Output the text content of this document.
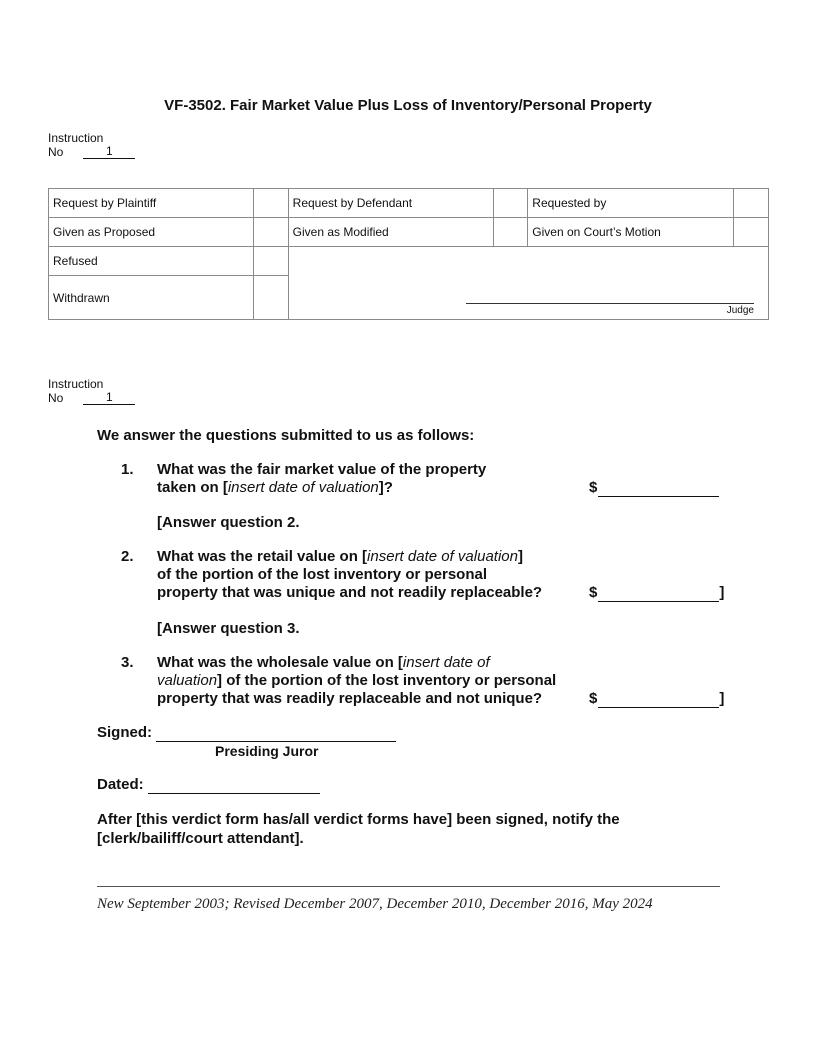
VF-3502. Fair Market Value Plus Loss of Inventory/Personal Property
Instruction
No	1
Request by Plaintiff		Request by Defendant		Requested by	
Given as Proposed		Given as Modified		Given on Court’s Motion	
Refused		Judge			

Withdrawn					
Instruction
No	1
We answer the questions submitted to us as follows:
1. What was the fair market value of the property
taken on [insert date of valuation]?	$
[Answer question 2.
2. What was the retail value on [insert date of valuation]
of the portion of the lost inventory or personal
property that was unique and not readily replaceable?	$	]
[Answer question 3.
3. What was the wholesale value on [insert date of
valuation] of the portion of the lost inventory or personal
property that was readily replaceable and not unique?	$	]
Signed:
Presiding Juror
Dated:
After [this verdict form has/all verdict forms have] been signed, notify the [clerk/bailiff/court attendant].
New September 2003; Revised December 2007, December 2010, December 2016, May 2024
